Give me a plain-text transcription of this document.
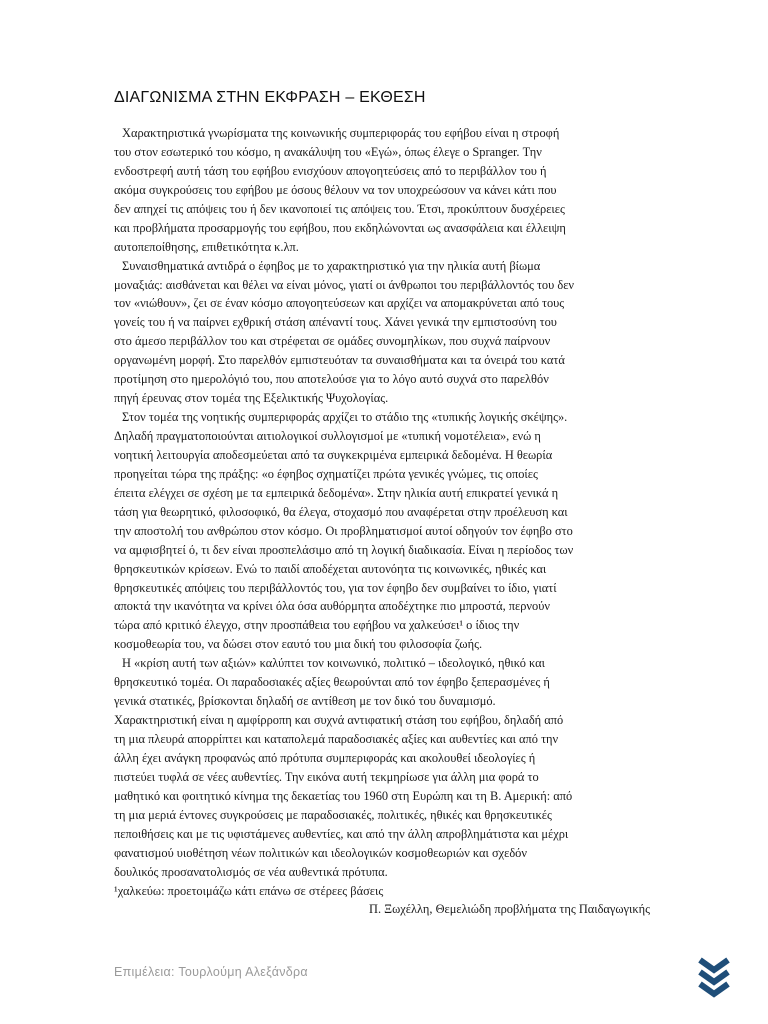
ΔΙΑΓΩΝΙΣΜΑ ΣΤΗΝ ΕΚΦΡΑΣΗ – ΕΚΘΕΣΗ
Χαρακτηριστικά γνωρίσματα της κοινωνικής συμπεριφοράς του εφήβου είναι η στροφή
του στον εσωτερικό του κόσμο, η ανακάλυψη του «Εγώ», όπως έλεγε ο Spranger. Την
ενδοστρεφή αυτή τάση του εφήβου ενισχύουν απογοητεύσεις από το περιβάλλον του ή
ακόμα συγκρούσεις του εφήβου με όσους θέλουν να τον υποχρεώσουν να κάνει κάτι που
δεν απηχεί τις απόψεις του ή δεν ικανοποιεί τις απόψεις του. Έτσι, προκύπτουν δυσχέρειες
και προβλήματα προσαρμογής του εφήβου, που εκδηλώνονται ως ανασφάλεια και έλλειψη
αυτοπεποίθησης, επιθετικότητα κ.λπ.
Συναισθηματικά αντιδρά ο έφηβος με το χαρακτηριστικό για την ηλικία αυτή βίωμα
μοναξιάς: αισθάνεται και θέλει να είναι μόνος, γιατί οι άνθρωποι του περιβάλλοντός του δεν
τον «νιώθουν», ζει σε έναν κόσμο απογοητεύσεων και αρχίζει να απομακρύνεται από τους
γονείς του ή να παίρνει εχθρική στάση απέναντί τους. Χάνει γενικά την εμπιστοσύνη του
στο άμεσο περιβάλλον του και στρέφεται σε ομάδες συνομηλίκων, που συχνά παίρνουν
οργανωμένη μορφή. Στο παρελθόν εμπιστευόταν τα συναισθήματα και τα όνειρά του κατά
προτίμηση στο ημερολόγιό του, που αποτελούσε για το λόγο αυτό συχνά στο παρελθόν
πηγή έρευνας στον τομέα της Εξελικτικής Ψυχολογίας.
Στον τομέα της νοητικής συμπεριφοράς αρχίζει το στάδιο της «τυπικής λογικής σκέψης».
Δηλαδή πραγματοποιούνται αιτιολογικοί συλλογισμοί με «τυπική νομοτέλεια», ενώ η
νοητική λειτουργία αποδεσμεύεται από τα συγκεκριμένα εμπειρικά δεδομένα. Η θεωρία
προηγείται τώρα της πράξης: «ο έφηβος σχηματίζει πρώτα γενικές γνώμες, τις οποίες
έπειτα ελέγχει σε σχέση με τα εμπειρικά δεδομένα». Στην ηλικία αυτή επικρατεί γενικά η
τάση για θεωρητικό, φιλοσοφικό, θα έλεγα, στοχασμό που αναφέρεται στην προέλευση και
την αποστολή του ανθρώπου στον κόσμο. Οι προβληματισμοί αυτοί οδηγούν τον έφηβο στο
να αμφισβητεί ό, τι δεν είναι προσπελάσιμο από τη λογική διαδικασία. Είναι η περίοδος των
θρησκευτικών κρίσεων. Ενώ το παιδί αποδέχεται αυτονόητα τις κοινωνικές, ηθικές και
θρησκευτικές απόψεις του περιβάλλοντός του, για τον έφηβο δεν συμβαίνει το ίδιο, γιατί
αποκτά την ικανότητα να κρίνει όλα όσα αυθόρμητα αποδέχτηκε πιο μπροστά, περνούν
τώρα από κριτικό έλεγχο, στην προσπάθεια του εφήβου να χαλκεύσει¹ ο ίδιος την
κοσμοθεωρία του, να δώσει στον εαυτό του μια δική του φιλοσοφία ζωής.
Η «κρίση αυτή των αξιών» καλύπτει τον κοινωνικό, πολιτικό – ιδεολογικό, ηθικό και
θρησκευτικό τομέα. Οι παραδοσιακές αξίες θεωρούνται από τον έφηβο ξεπερασμένες ή
γενικά στατικές, βρίσκονται δηλαδή σε αντίθεση με τον δικό του δυναμισμό.
Χαρακτηριστική είναι η αμφίρροπη και συχνά αντιφατική στάση του εφήβου, δηλαδή από
τη μια πλευρά απορρίπτει και καταπολεμά παραδοσιακές αξίες και αυθεντίες και από την
άλλη έχει ανάγκη προφανώς από πρότυπα συμπεριφοράς και ακολουθεί ιδεολογίες ή
πιστεύει τυφλά σε νέες αυθεντίες. Την εικόνα αυτή τεκμηρίωσε για άλλη μια φορά το
μαθητικό και φοιτητικό κίνημα της δεκαετίας του 1960 στη Ευρώπη και τη Β. Αμερική: από
τη μια μεριά έντονες συγκρούσεις με παραδοσιακές, πολιτικές, ηθικές και θρησκευτικές
πεποιθήσεις και με τις υφιστάμενες αυθεντίες, και από την άλλη απροβλημάτιστα και μέχρι
φανατισμού υιοθέτηση νέων πολιτικών και ιδεολογικών κοσμοθεωριών και σχεδόν
δουλικός προσανατολισμός σε νέα αυθεντικά πρότυπα.
¹χαλκεύω: προετοιμάζω κάτι επάνω σε στέρεες βάσεις
Π. Ξωχέλλη, Θεμελιώδη προβλήματα της Παιδαγωγικής
Επιμέλεια: Τουρλούμη Αλεξάνδρα
